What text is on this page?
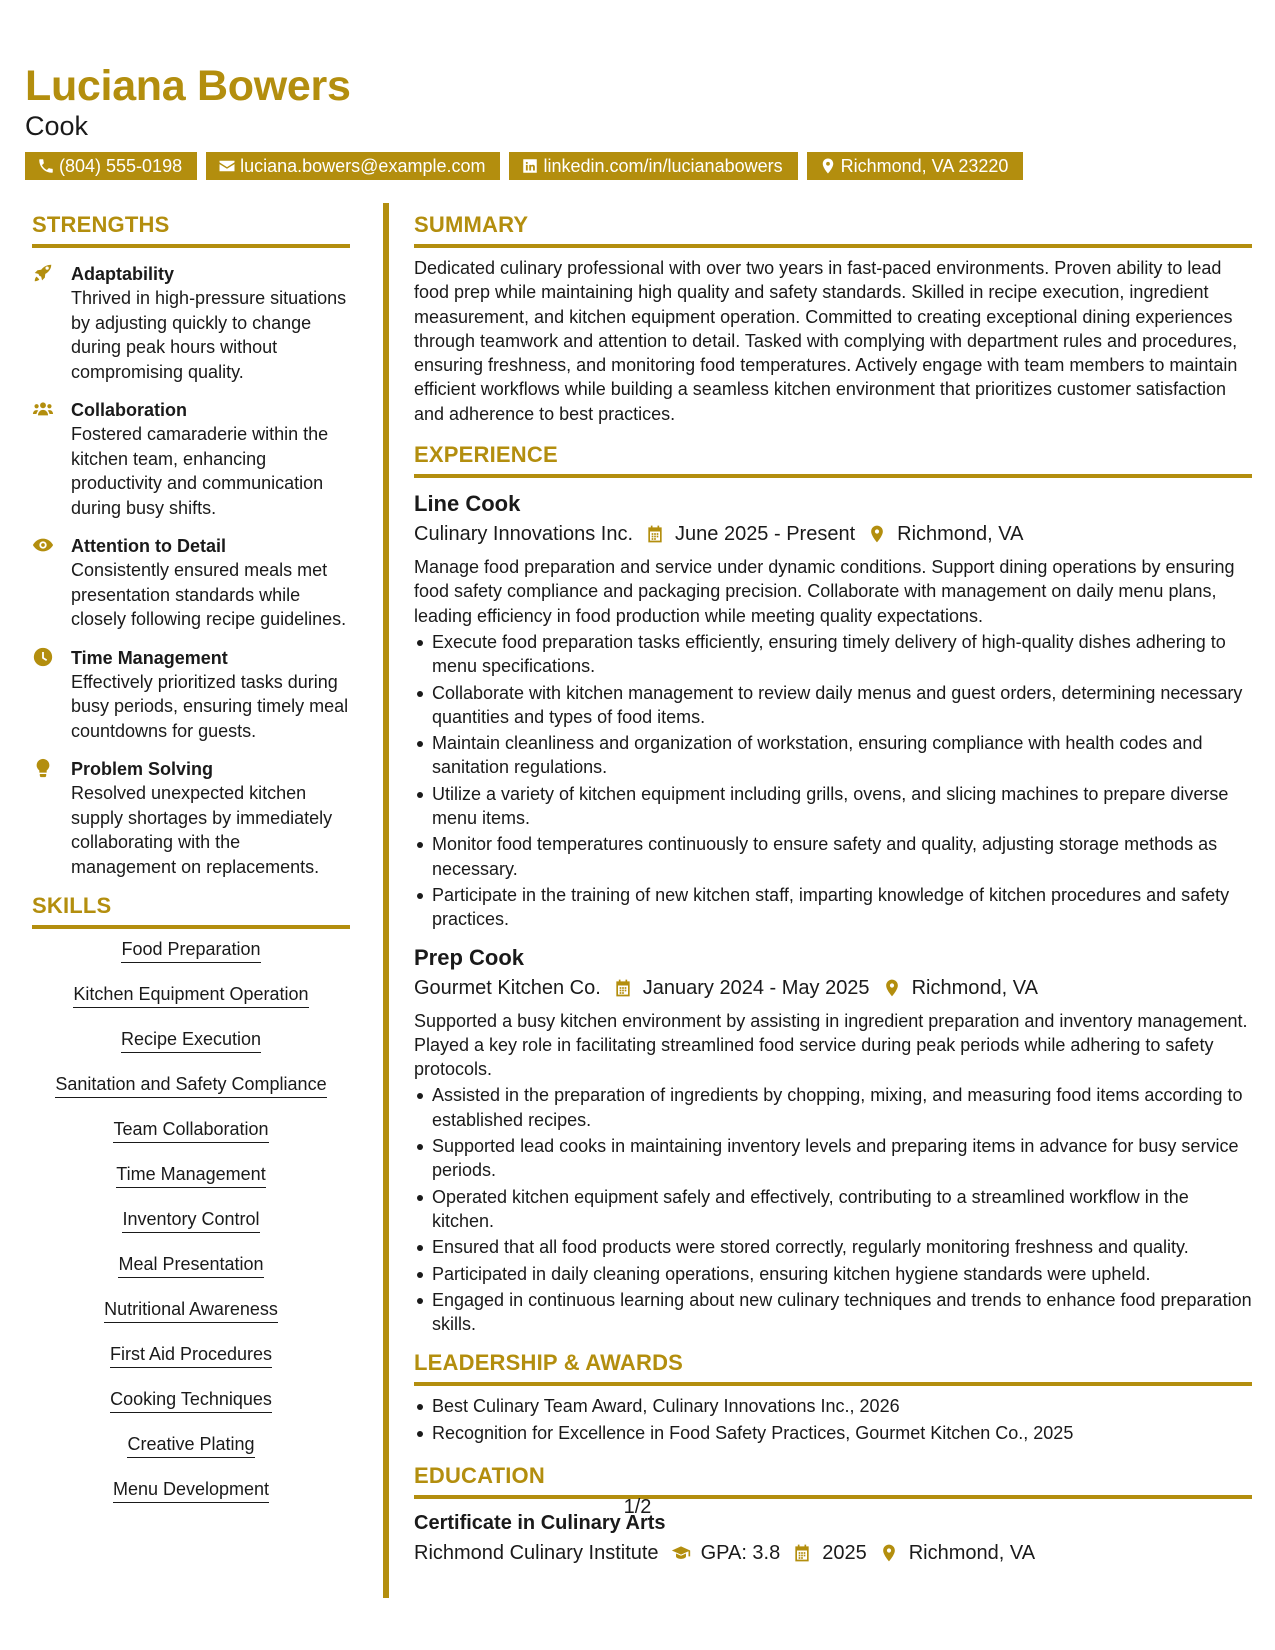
Luciana Bowers
Cook
(804) 555-0198	luciana.bowers@example.com	linkedin.com/in/lucianabowers	Richmond, VA 23220
STRENGTHS
Adaptability
Thrived in high-pressure situations by adjusting quickly to change during peak hours without compromising quality.
Collaboration
Fostered camaraderie within the kitchen team, enhancing productivity and communication during busy shifts.
Attention to Detail
Consistently ensured meals met presentation standards while closely following recipe guidelines.
Time Management
Effectively prioritized tasks during busy periods, ensuring timely meal countdowns for guests.
Problem Solving
Resolved unexpected kitchen supply shortages by immediately collaborating with the management on replacements.
SKILLS
Food Preparation
Kitchen Equipment Operation
Recipe Execution
Sanitation and Safety Compliance
Team Collaboration
Time Management
Inventory Control
Meal Presentation
Nutritional Awareness
First Aid Procedures
Cooking Techniques
Creative Plating
Menu Development
SUMMARY

Dedicated culinary professional with over two years in fast-paced environments. Proven ability to lead food prep while maintaining high quality and safety standards. Skilled in recipe execution, ingredient measurement, and kitchen equipment operation. Committed to creating exceptional dining experiences through teamwork and attention to detail. Tasked with complying with department rules and procedures, ensuring freshness, and monitoring food temperatures. Actively engage with team members to maintain efficient workflows while building a seamless kitchen environment that prioritizes customer satisfaction and adherence to best practices.

EXPERIENCE
Line Cook
Culinary Innovations Inc. June 2025 - Present Richmond, VA

Manage food preparation and service under dynamic conditions. Support dining operations by ensuring food safety compliance and packaging precision. Collaborate with management on daily menu plans, leading efficiency in food production while meeting quality expectations.

Execute food preparation tasks efficiently, ensuring timely delivery of high-quality dishes adhering to menu specifications.
Collaborate with kitchen management to review daily menus and guest orders, determining necessary quantities and types of food items.
Maintain cleanliness and organization of workstation, ensuring compliance with health codes and sanitation regulations.
Utilize a variety of kitchen equipment including grills, ovens, and slicing machines to prepare diverse menu items.
Monitor food temperatures continuously to ensure safety and quality, adjusting storage methods as necessary.
Participate in the training of new kitchen staff, imparting knowledge of kitchen procedures and safety practices.
Prep Cook
Gourmet Kitchen Co. January 2024 - May 2025 Richmond, VA

Supported a busy kitchen environment by assisting in ingredient preparation and inventory management. Played a key role in facilitating streamlined food service during peak periods while adhering to safety protocols.

Assisted in the preparation of ingredients by chopping, mixing, and measuring food items according to established recipes.
Supported lead cooks in maintaining inventory levels and preparing items in advance for busy service periods.
Operated kitchen equipment safely and effectively, contributing to a streamlined workflow in the kitchen.
Ensured that all food products were stored correctly, regularly monitoring freshness and quality.
Participated in daily cleaning operations, ensuring kitchen hygiene standards were upheld.
Engaged in continuous learning about new culinary techniques and trends to enhance food preparation skills.
LEADERSHIP & AWARDS
Best Culinary Team Award, Culinary Innovations Inc., 2026
Recognition for Excellence in Food Safety Practices, Gourmet Kitchen Co., 2025
EDUCATION
Certificate in Culinary Arts
Richmond Culinary Institute GPA: 3.8 2025 Richmond, VA
1/2
